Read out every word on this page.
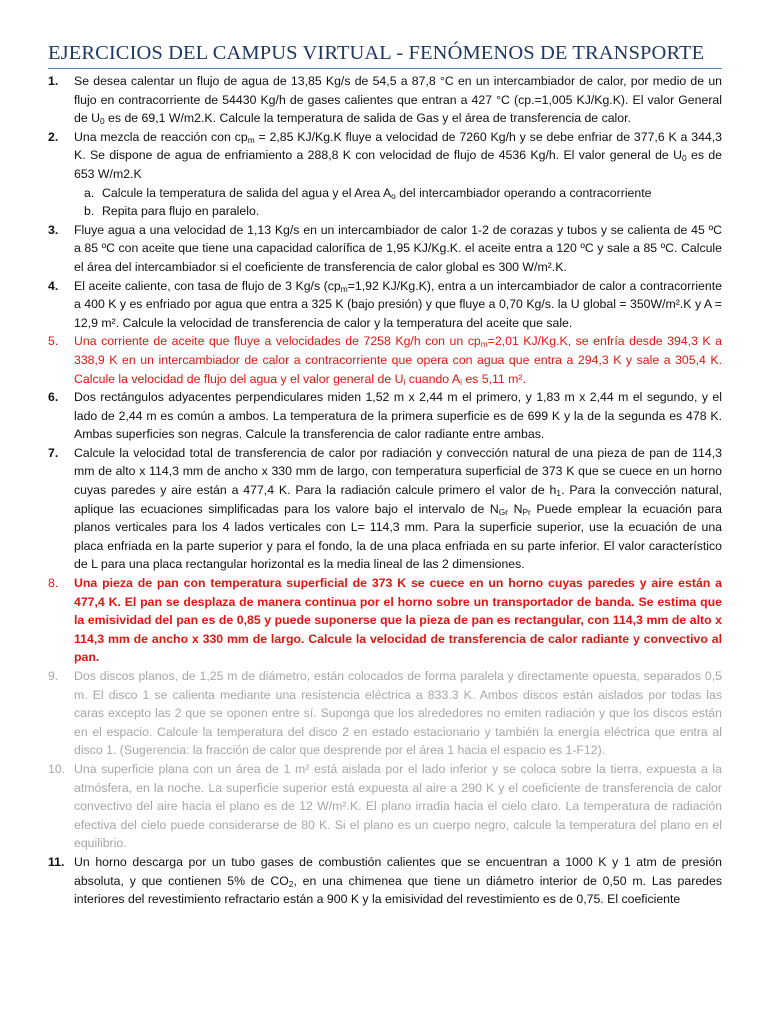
EJERCICIOS DEL CAMPUS VIRTUAL - FENÓMENOS DE TRANSPORTE
1. Se desea calentar un flujo de agua de 13,85 Kg/s de 54,5 a 87,8 °C en un intercambiador de calor, por medio de un flujo en contracorriente de 54430 Kg/h de gases calientes que entran a 427 °C (cp.=1,005 KJ/Kg.K). El valor General de $U_0$ es de 69,1 W/m2.K. Calcule la temperatura de salida de Gas y el área de transferencia de calor.
2. Una mezcla de reacción con $cp_m = 2,85$ KJ/Kg.K fluye a velocidad de 7260 Kg/h y se debe enfriar de 377,6 K a 344,3 K. Se dispone de agua de enfriamiento a 288,8 K con velocidad de flujo de 4536 Kg/h. El valor general de $U_0$ es de 653 W/m2.K
a. Calcule la temperatura de salida del agua y el Area $A_o$ del intercambiador operando a contracorriente
b. Repita para flujo en paralelo.
3. Fluye agua a una velocidad de 1,13 Kg/s en un intercambiador de calor 1-2 de corazas y tubos y se calienta de 45 ºC a 85 ºC con aceite que tiene una capacidad calorífica de 1,95 KJ/Kg.K. el aceite entra a 120 ºC y sale a 85 ºC. Calcule el área del intercambiador si el coeficiente de transferencia de calor global es 300 W/m².K.
4. El aceite caliente, con tasa de flujo de 3 Kg/s ($cp_m=1,92$ KJ/Kg.K), entra a un intercambiador de calor a contracorriente a 400 K y es enfriado por agua que entra a 325 K (bajo presión) y que fluye a 0,70 Kg/s. la U global = 350W/m².K y A = 12,9 m². Calcule la velocidad de transferencia de calor y la temperatura del aceite que sale.
5. Una corriente de aceite que fluye a velocidades de 7258 Kg/h con un $cp_m=2,01$ KJ/Kg.K, se enfría desde 394,3 K a 338,9 K en un intercambiador de calor a contracorriente que opera con agua que entra a 294,3 K y sale a 305,4 K. Calcule la velocidad de flujo del agua y el valor general de $U_i$ cuando $A_i$ es 5,11 m².
6. Dos rectángulos adyacentes perpendiculares miden 1,52 m x 2,44 m el primero, y 1,83 m x 2,44 m el segundo, y el lado de 2,44 m es común a ambos. La temperatura de la primera superficie es de 699 K y la de la segunda es 478 K. Ambas superficies son negras. Calcule la transferencia de calor radiante entre ambas.
7. Calcule la velocidad total de transferencia de calor por radiación y convección natural de una pieza de pan de 114,3 mm de alto x 114,3 mm de ancho x 330 mm de largo, con temperatura superficial de 373 K que se cuece en un horno cuyas paredes y aire están a 477,4 K. Para la radiación calcule primero el valor de $h_1$. Para la convección natural, aplique las ecuaciones simplificadas para los valore bajo el intervalo de $N_{Gr}$ $N_{Pr}$ Puede emplear la ecuación para planos verticales para los 4 lados verticales con L= 114,3 mm. Para la superficie superior, use la ecuación de una placa enfriada en la parte superior y para el fondo, la de una placa enfriada en su parte inferior. El valor característico de L para una placa rectangular horizontal es la media lineal de las 2 dimensiones.
8. Una pieza de pan con temperatura superficial de 373 K se cuece en un horno cuyas paredes y aire están a 477,4 K. El pan se desplaza de manera continua por el horno sobre un transportador de banda. Se estima que la emisividad del pan es de 0,85 y puede suponerse que la pieza de pan es rectangular, con 114,3 mm de alto x 114,3 mm de ancho x 330 mm de largo. Calcule la velocidad de transferencia de calor radiante y convectivo al pan.
9. Dos discos planos, de 1,25 m de diámetro, están colocados de forma paralela y directamente opuesta, separados 0,5 m. El disco 1 se calienta mediante una resistencia eléctrica a 833.3 K. Ambos discos están aislados por todas las caras excepto las 2 que se oponen entre sí. Suponga que los alrededores no emiten radiación y que los discos están en el espacio. Calcule la temperatura del disco 2 en estado estacionario y también la energía eléctrica que entra al disco 1. (Sugerencia: la fracción de calor que desprende por el área 1 hacia el espacio es 1-F12).
10. Una superficie plana con un área de 1 m² está aislada por el lado inferior y se coloca sobre la tierra, expuesta a la atmósfera, en la noche. La superficie superior está expuesta al aire a 290 K y el coeficiente de transferencia de calor convectivo del aire hacia el plano es de 12 W/m².K. El plano irradia hacia el cielo claro. La temperatura de radiación efectiva del cielo puede considerarse de 80 K. Si el plano es un cuerpo negro, calcule la temperatura del plano en el equilibrio.
11. Un horno descarga por un tubo gases de combustión calientes que se encuentran a 1000 K y 1 atm de presión absoluta, y que contienen 5% de $CO_2$, en una chimenea que tiene un diámetro interior de 0,50 m. Las paredes interiores del revestimiento refractario están a 900 K y la emisividad del revestimiento es de 0,75. El coeficiente
